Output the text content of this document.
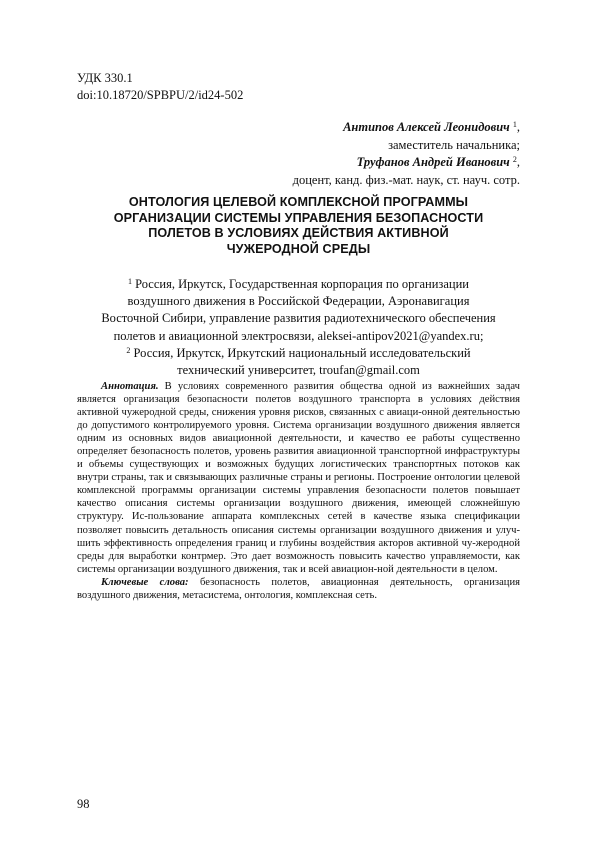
УДК 330.1
doi:10.18720/SPBPU/2/id24-502
Антипов Алексей Леонидович $^1$,
заместитель начальника;
Труфанов Андрей Иванович $^2$,
доцент, канд. физ.-мат. наук, ст. науч. сотр.
ОНТОЛОГИЯ ЦЕЛЕВОЙ КОМПЛЕКСНОЙ ПРОГРАММЫ
ОРГАНИЗАЦИИ СИСТЕМЫ УПРАВЛЕНИЯ БЕЗОПАСНОСТИ
ПОЛЕТОВ В УСЛОВИЯХ ДЕЙСТВИЯ АКТИВНОЙ
ЧУЖЕРОДНОЙ СРЕДЫ
$^1$ Россия, Иркутск, Государственная корпорация по организации
воздушного движения в Российской Федерации, Аэронавигация
Восточной Сибири, управление развития радиотехнического обеспечения
полетов и авиационной электросвязи, aleksei-antipov2021@yandex.ru;
$^2$ Россия, Иркутск, Иркутский национальный исследовательский
технический университет, troufan@gmail.com

Аннотация. В условиях современного развития общества одной из важнейших задач является организация безопасности полетов воздушного транспорта в условиях действия активной чужеродной среды, снижения уровня рисков, связанных с авиаци-онной деятельностью до допустимого контролируемого уровня. Система организации воздушного движения является одним из основных видов авиационной деятельности, и качество ее работы существенно определяет безопасность полетов, уровень развития авиационной транспортной инфраструктуры и объемы существующих и возможных будущих логистических транспортных потоков как внутри страны, так и связывающих различные страны и регионы. Построение онтологии целевой комплексной программы организации системы управления безопасности полетов повышает качество описания системы организации воздушного движения, имеющей сложнейшую структуру. Ис-пользование аппарата комплексных сетей в качестве языка спецификации позволяет повысить детальность описания системы организации воздушного движения и улуч-шить эффективность определения границ и глубины воздействия акторов активной чу-жеродной среды для выработки контрмер. Это дает возможность повысить качество управляемости, как системы организации воздушного движения, так и всей авиацион-ной деятельности в целом.

Ключевые слова: безопасность полетов, авиационная деятельность, организация воздушного движения, метасистема, онтология, комплексная сеть.

98
